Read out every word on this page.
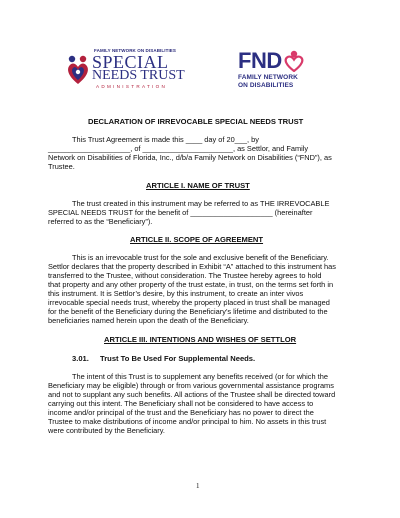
FAMILY NETWORK ON DISABILITIES
SPECIAL
NEEDS TRUST
ADMINISTRATION
FND
FAMILY NETWORK
ON DISABILITIES
DECLARATION OF IRREVOCABLE SPECIAL NEEDS TRUST
This Trust Agreement is made this ____ day of 20___, by
____________________, of ______________________, as Settlor, and Family
Network on Disabilities of Florida, Inc., d/b/a Family Network on Disabilities (“FND”), as
Trustee.
ARTICLE I. NAME OF TRUST
The trust created in this instrument may be referred to as THE IRREVOCABLE
SPECIAL NEEDS TRUST for the benefit of ____________________ (hereinafter
referred to as the “Beneficiary”).
ARTICLE II. SCOPE OF AGREEMENT
This is an irrevocable trust for the sole and exclusive benefit of the Beneficiary.
Settlor declares that the property described in Exhibit “A” attached to this instrument has
transferred to the Trustee, without consideration. The Trustee hereby agrees to hold
that property and any other property of the trust estate, in trust, on the terms set forth in
this instrument. It is Settlor’s desire, by this instrument, to create an inter vivos
irrevocable special needs trust, whereby the property placed in trust shall be managed
for the benefit of the Beneficiary during the Beneficiary’s lifetime and distributed to the
beneficiaries named herein upon the death of the Beneficiary.
ARTICLE III. INTENTIONS AND WISHES OF SETTLOR
3.01. Trust To Be Used For Supplemental Needs.
The intent of this Trust is to supplement any benefits received (or for which the
Beneficiary may be eligible) through or from various governmental assistance programs
and not to supplant any such benefits. All actions of the Trustee shall be directed toward
carrying out this intent. The Beneficiary shall not be considered to have access to
income and/or principal of the trust and the Beneficiary has no power to direct the
Trustee to make distributions of income and/or principal to him. No assets in this trust
were contributed by the Beneficiary.
1
